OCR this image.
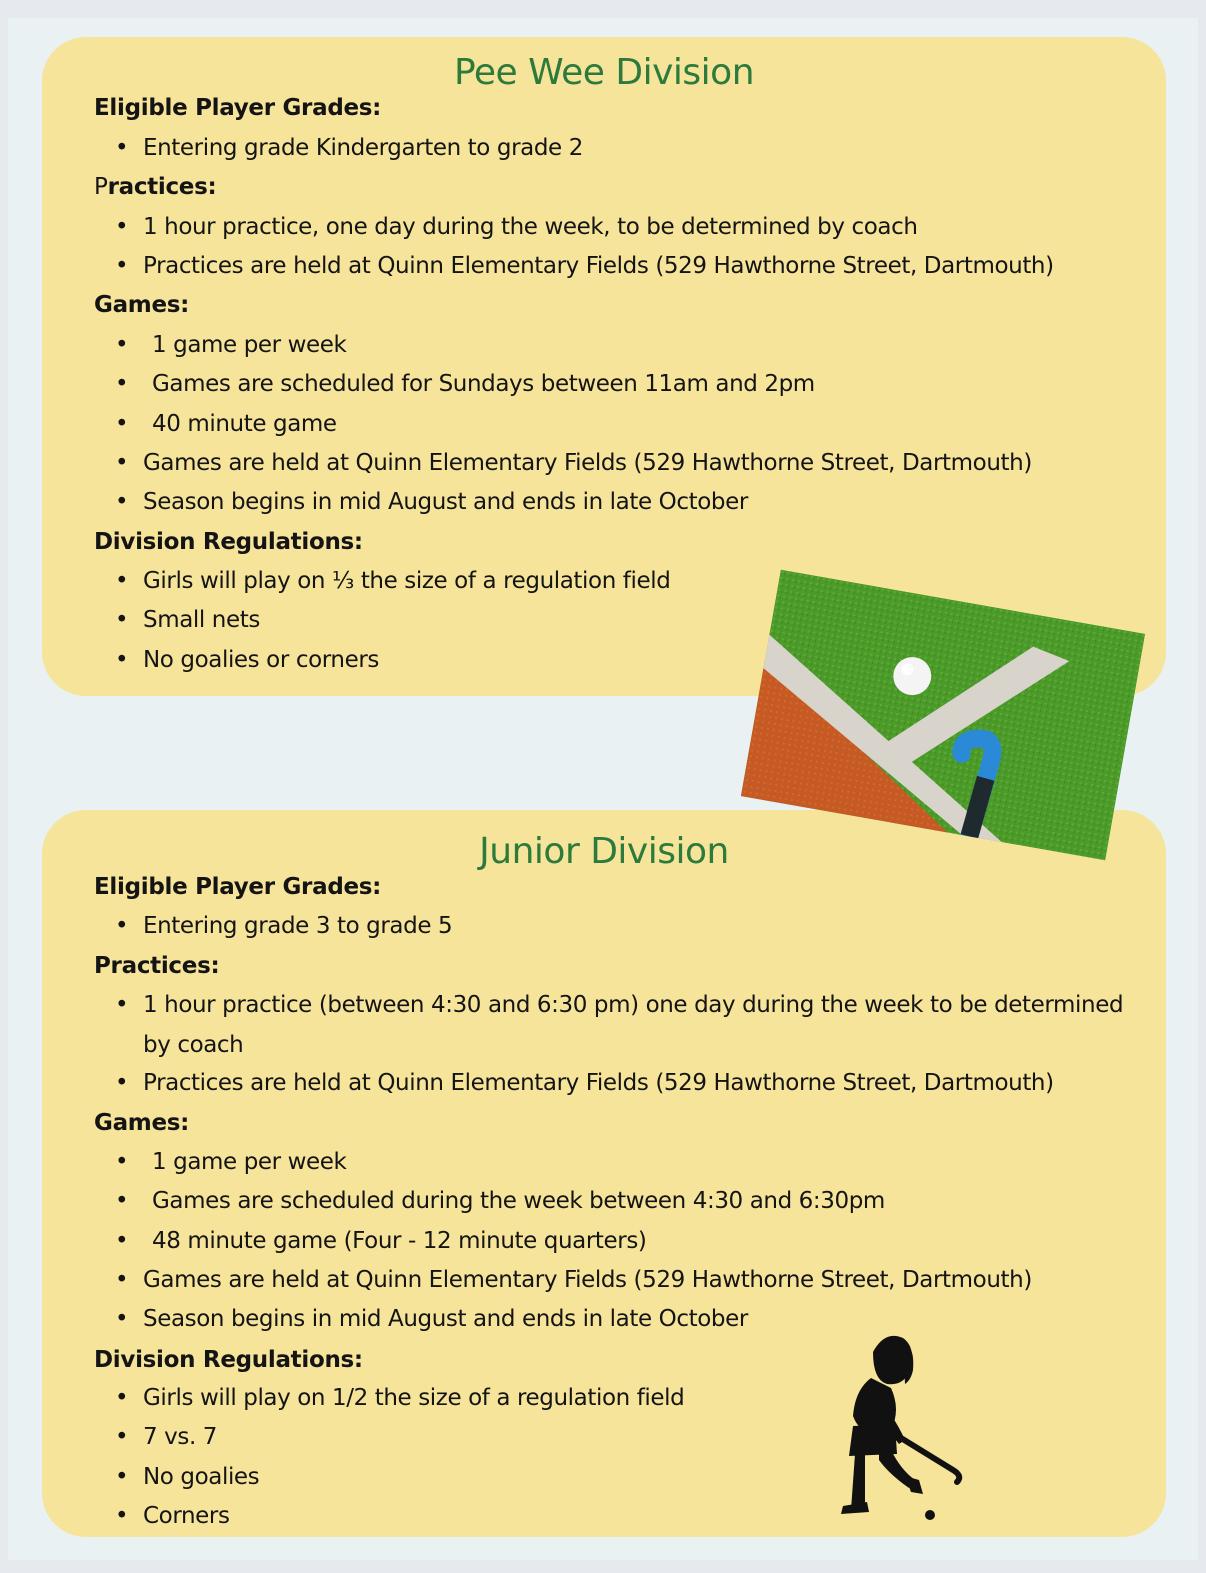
Pee Wee Division
Eligible Player Grades:
• Entering grade Kindergarten to grade 2
Practices:
• 1 hour practice, one day during the week, to be determined by coach
• Practices are held at Quinn Elementary Fields (529 Hawthorne Street, Dartmouth)
Games:
• 1 game per week
• Games are scheduled for Sundays between 11am and 2pm
• 40 minute game
• Games are held at Quinn Elementary Fields (529 Hawthorne Street, Dartmouth)
• Season begins in mid August and ends in late October
Division Regulations:
• Girls will play on ⅓ the size of a regulation field
• Small nets
• No goalies or corners
Junior Division
Eligible Player Grades:
• Entering grade 3 to grade 5
Practices:
• 1 hour practice (between 4:30 and 6:30 pm) one day during the week to be determined by coach
• Practices are held at Quinn Elementary Fields (529 Hawthorne Street, Dartmouth)
Games:
• 1 game per week
• Games are scheduled during the week between 4:30 and 6:30pm
• 48 minute game (Four - 12 minute quarters)
• Games are held at Quinn Elementary Fields (529 Hawthorne Street, Dartmouth)
• Season begins in mid August and ends in late October
Division Regulations:
• Girls will play on 1/2 the size of a regulation field
• 7 vs. 7
• No goalies
• Corners
